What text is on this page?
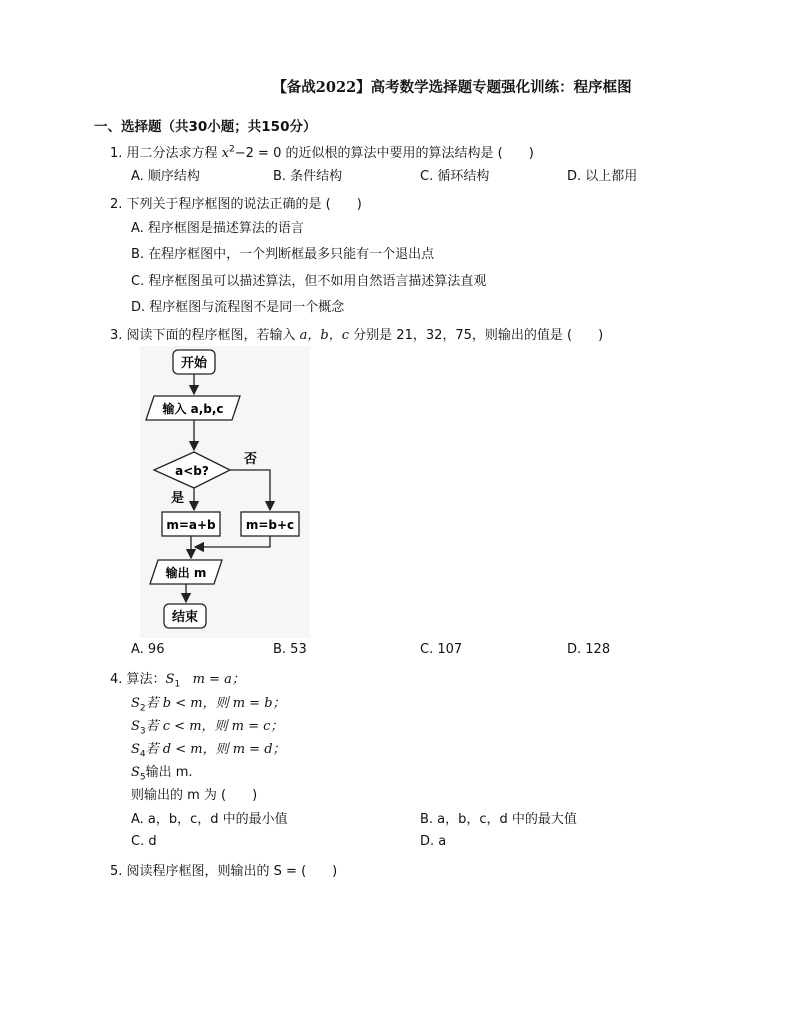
【备战2022】高考数学选择题专题强化训练：程序框图
一、选择题（共30小题；共150分）
1. 用二分法求方程 $x^2-2 = 0$ 的近似根的算法中要用的算法结构是 ( )
A. 顺序结构	B. 条件结构	C. 循环结构	D. 以上都用
2. 下列关于程序框图的说法正确的是 ( )
A. 程序框图是描述算法的语言
B. 在程序框图中，一个判断框最多只能有一个退出点
C. 程序框图虽可以描述算法，但不如用自然语言描述算法直观
D. 程序框图与流程图不是同一个概念
3. 阅读下面的程序框图，若输入 a，b，c 分别是 21，32，75，则输出的值是 ( )
开始
输入 a,b,c
a<b?
否
是
m=a+b	m=b+c
输出 m
结束
A. 96	B. 53	C. 107	D. 128
4. 算法：$S_1$ m = a；
$S_2$若 b < m，则 m = b；
$S_3$若 c < m，则 m = c；
$S_4$若 d < m，则 m = d；
$S_5$输出 m.
则输出的 m 为 ( )
A. a，b，c，d 中的最小值	B. a，b，c，d 中的最大值
C. d	D. a
5. 阅读程序框图，则输出的 S = ( )
